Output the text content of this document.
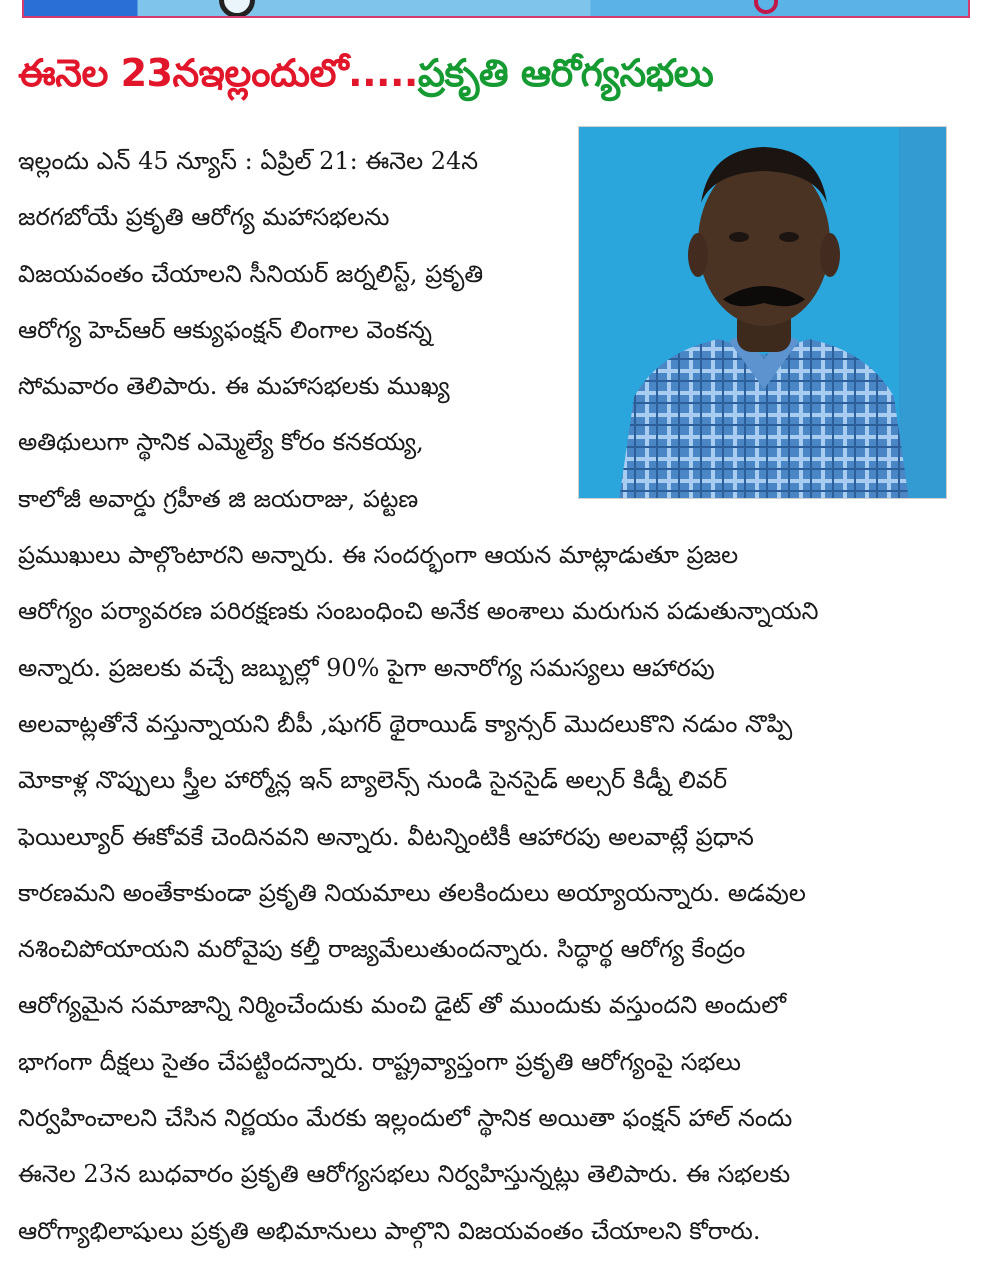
ఈనెల 23నఇల్లందులో.....ప్రకృతి ఆరోగ్యసభలు
ఇల్లందు ఎన్ 45 న్యూస్ : ఏప్రిల్ 21: ఈనెల 24న
జరగబోయే ప్రకృతి ఆరోగ్య మహాసభలను
విజయవంతం చేయాలని సీనియర్ జర్నలిస్ట్, ప్రకృతి
ఆరోగ్య హెచ్ఆర్ ఆక్యుఫంక్షన్ లింగాల వెంకన్న
సోమవారం తెలిపారు. ఈ మహాసభలకు ముఖ్య
అతిథులుగా స్థానిక ఎమ్మెల్యే కోరం కనకయ్య,
కాలోజీ అవార్డు గ్రహీత జి జయరాజు, పట్టణ
ప్రముఖులు పాల్గొంటారని అన్నారు. ఈ సందర్భంగా ఆయన మాట్లాడుతూ ప్రజల
ఆరోగ్యం పర్యావరణ పరిరక్షణకు సంబంధించి అనేక అంశాలు మరుగున పడుతున్నాయని
అన్నారు. ప్రజలకు వచ్చే జబ్బుల్లో 90% పైగా అనారోగ్య సమస్యలు ఆహారపు
అలవాట్లతోనే వస్తున్నాయని బీపీ ,షుగర్ థైరాయిడ్ క్యాన్సర్ మొదలుకొని నడుం నొప్పి
మోకాళ్ల నొప్పులు స్త్రీల హార్మోన్ల ఇన్ బ్యాలెన్స్ నుండి సైనసైడ్ అల్సర్ కిడ్నీ లివర్
ఫెయిల్యూర్ ఈకోవకే చెందినవని అన్నారు. వీటన్నింటికీ ఆహారపు అలవాట్లే ప్రధాన
కారణమని అంతేకాకుండా ప్రకృతి నియమాలు తలకిందులు అయ్యాయన్నారు. అడవుల
నశించిపోయాయని మరోవైపు కల్తీ రాజ్యమేలుతుందన్నారు. సిద్ధార్థ ఆరోగ్య కేంద్రం
ఆరోగ్యమైన సమాజాన్ని నిర్మించేందుకు మంచి డైట్ తో ముందుకు వస్తుందని అందులో
భాగంగా దీక్షలు సైతం చేపట్టిందన్నారు. రాష్ట్రవ్యాప్తంగా ప్రకృతి ఆరోగ్యంపై సభలు
నిర్వహించాలని చేసిన నిర్ణయం మేరకు ఇల్లందులో స్థానిక అయితా ఫంక్షన్ హాల్ నందు
ఈనెల 23న బుధవారం ప్రకృతి ఆరోగ్యసభలు నిర్వహిస్తున్నట్లు తెలిపారు. ఈ సభలకు
ఆరోగ్యాభిలాషులు ప్రకృతి అభిమానులు పాల్గొని విజయవంతం చేయాలని కోరారు.
